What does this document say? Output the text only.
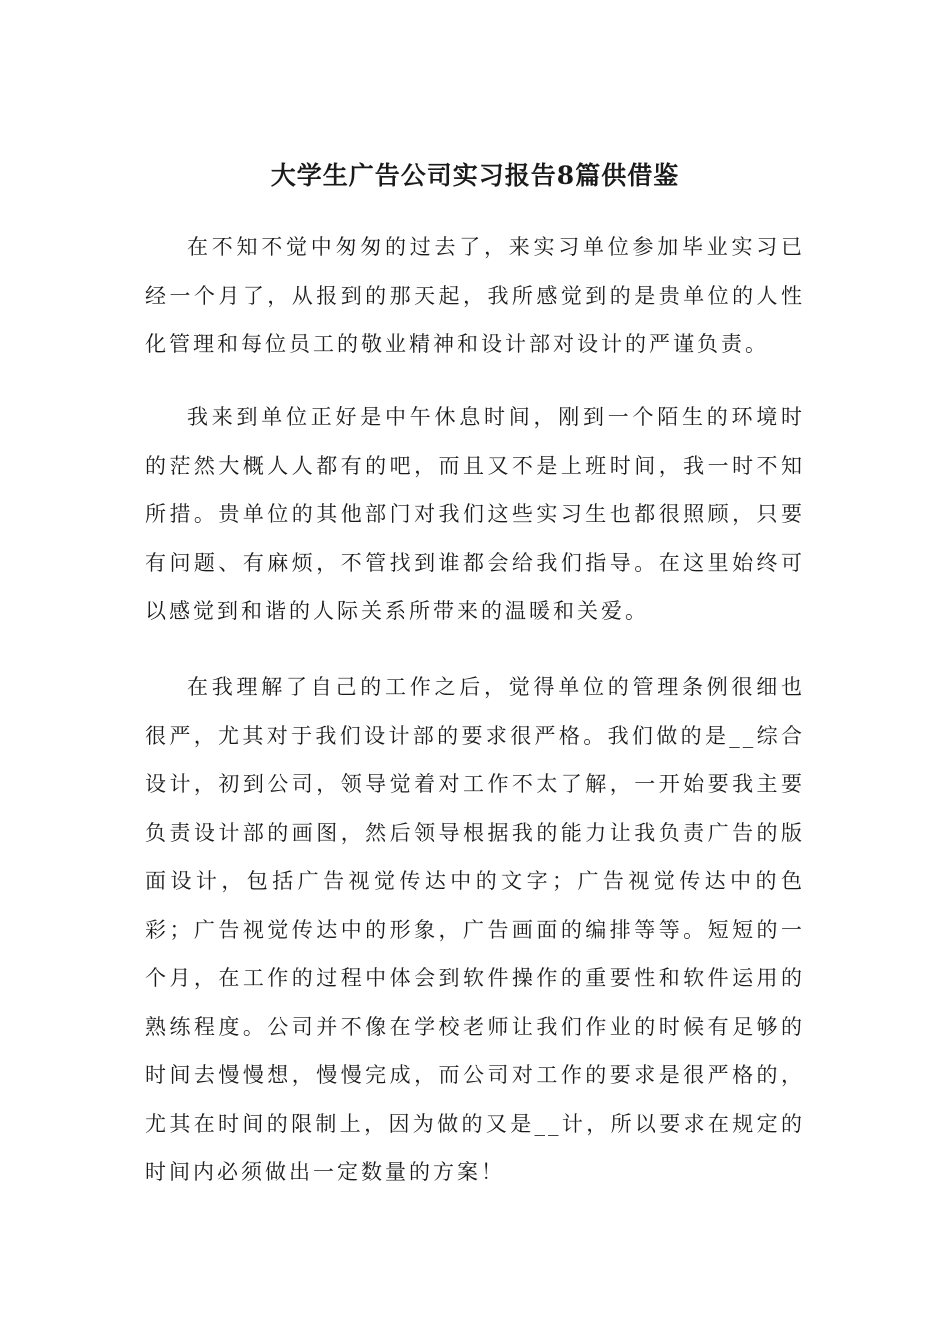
大学生广告公司实习报告8篇供借鉴

在不知不觉中匆匆的过去了，来实习单位参加毕业实习已经一个月了，从报到的那天起，我所感觉到的是贵单位的人性化管理和每位员工的敬业精神和设计部对设计的严谨负责。

我来到单位正好是中午休息时间，刚到一个陌生的环境时的茫然大概人人都有的吧，而且又不是上班时间，我一时不知所措。贵单位的其他部门对我们这些实习生也都很照顾，只要有问题、有麻烦，不管找到谁都会给我们指导。在这里始终可以感觉到和谐的人际关系所带来的温暖和关爱。

在我理解了自己的工作之后，觉得单位的管理条例很细也很严，尤其对于我们设计部的要求很严格。我们做的是__综合设计，初到公司，领导觉着对工作不太了解，一开始要我主要负责设计部的画图，然后领导根据我的能力让我负责广告的版面设计，包括广告视觉传达中的文字；广告视觉传达中的色彩；广告视觉传达中的形象，广告画面的编排等等。短短的一个月，在工作的过程中体会到软件操作的重要性和软件运用的熟练程度。公司并不像在学校老师让我们作业的时候有足够的时间去慢慢想，慢慢完成，而公司对工作的要求是很严格的，尤其在时间的限制上，因为做的又是__计，所以要求在规定的时间内必须做出一定数量的方案！
